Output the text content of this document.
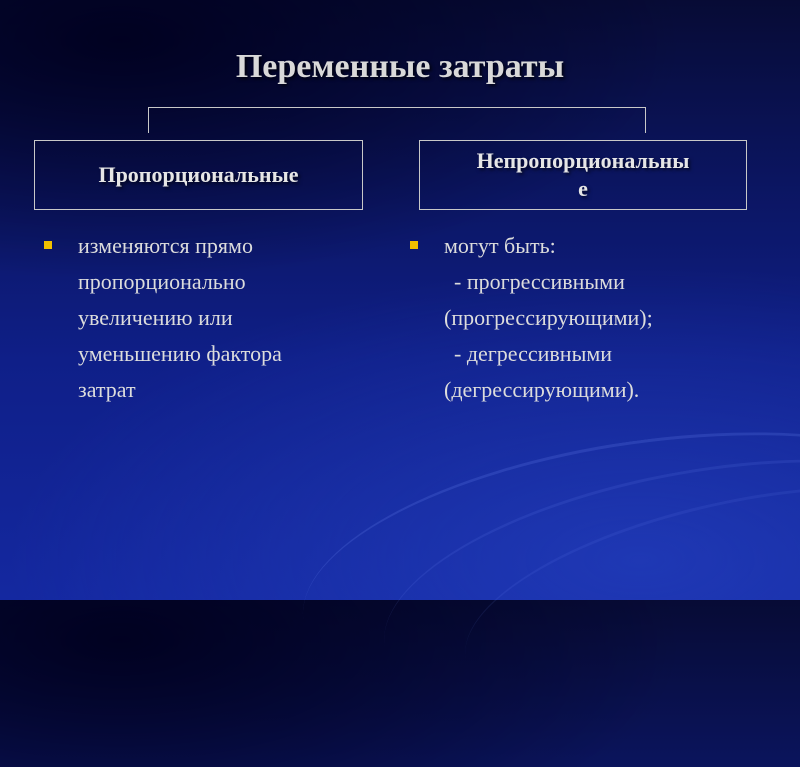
Переменные затраты
Пропорциональные
Непропорциональны
е
изменяются прямо
пропорционально
увеличению или
уменьшению фактора
затрат
могут быть:
- прогрессивными
(прогрессирующими);
- дегрессивными
(дегрессирующими).
